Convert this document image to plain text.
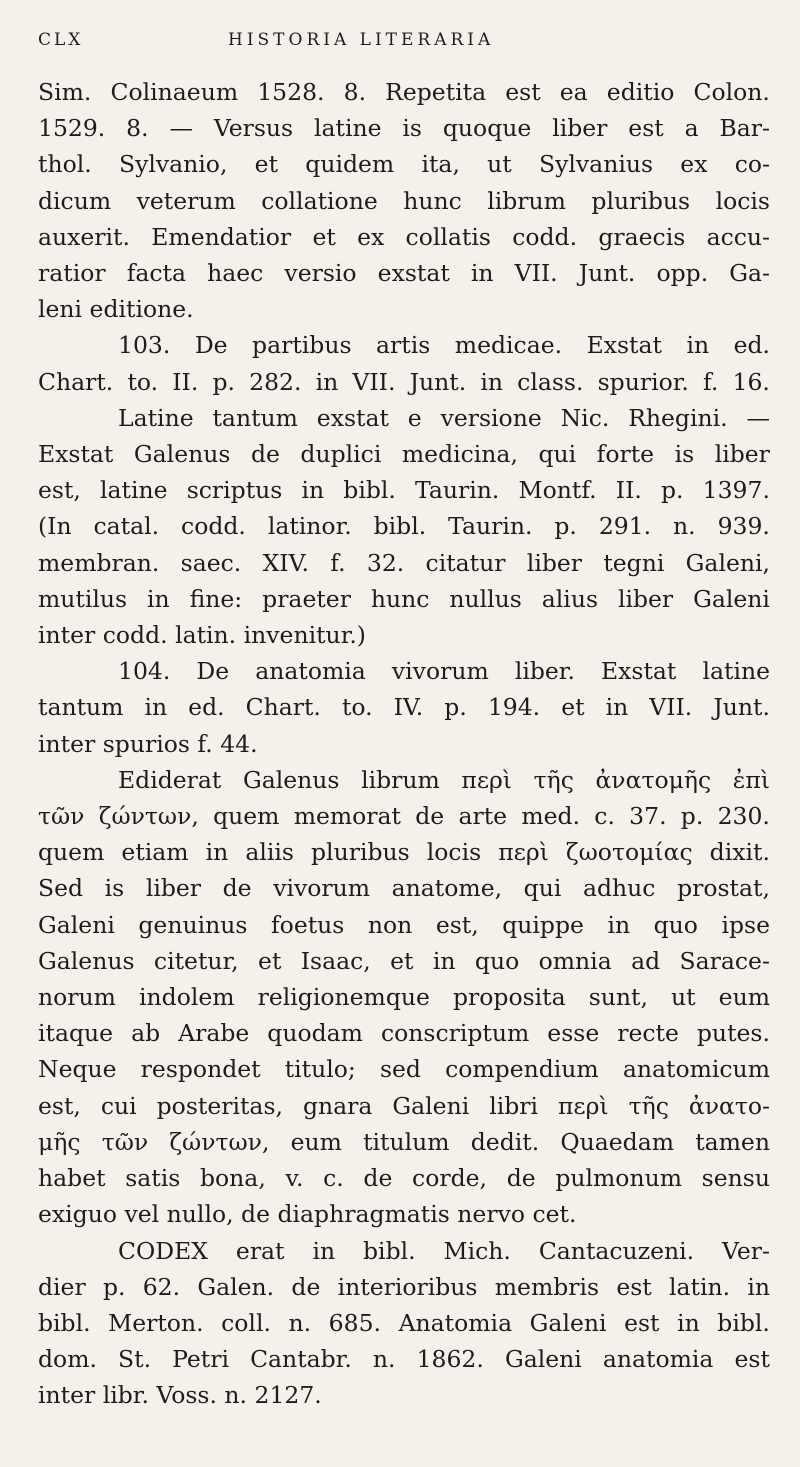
CLX	HISTORIA LITERARIA
Sim. Colinaeum 1528. 8. Repetita est ea editio Colon.
1529. 8. — Versus latine is quoque liber est a Bar-
thol. Sylvanio, et quidem ita, ut Sylvanius ex co-
dicum veterum collatione hunc librum pluribus locis
auxerit. Emendatior et ex collatis codd. graecis accu-
ratior facta haec versio exstat in VII. Junt. opp. Ga-
leni editione.
103. De partibus artis medicae. Exstat in ed.
Chart. to. II. p. 282. in VII. Junt. in class. spurior. f. 16.
Latine tantum exstat e versione Nic. Rhegini. —
Exstat Galenus de duplici medicina, qui forte is liber
est, latine scriptus in bibl. Taurin. Montf. II. p. 1397.
(In catal. codd. latinor. bibl. Taurin. p. 291. n. 939.
membran. saec. XIV. f. 32. citatur liber tegni Galeni,
mutilus in fine: praeter hunc nullus alius liber Galeni
inter codd. latin. invenitur.)
104. De anatomia vivorum liber. Exstat latine
tantum in ed. Chart. to. IV. p. 194. et in VII. Junt.
inter spurios f. 44.
Ediderat Galenus librum περὶ τῆς ἀνατομῆς ἐπὶ
τῶν ζώντων, quem memorat de arte med. c. 37. p. 230.
quem etiam in aliis pluribus locis περὶ ζωοτομίας dixit.
Sed is liber de vivorum anatome, qui adhuc prostat,
Galeni genuinus foetus non est, quippe in quo ipse
Galenus citetur, et Isaac, et in quo omnia ad Sarace-
norum indolem religionemque proposita sunt, ut eum
itaque ab Arabe quodam conscriptum esse recte putes.
Neque respondet titulo; sed compendium anatomicum
est, cui posteritas, gnara Galeni libri περὶ τῆς ἀνατο-
μῆς τῶν ζώντων, eum titulum dedit. Quaedam tamen
habet satis bona, v. c. de corde, de pulmonum sensu
exiguo vel nullo, de diaphragmatis nervo cet.
CODEX erat in bibl. Mich. Cantacuzeni. Ver-
dier p. 62. Galen. de interioribus membris est latin. in
bibl. Merton. coll. n. 685. Anatomia Galeni est in bibl.
dom. St. Petri Cantabr. n. 1862. Galeni anatomia est
inter libr. Voss. n. 2127.
